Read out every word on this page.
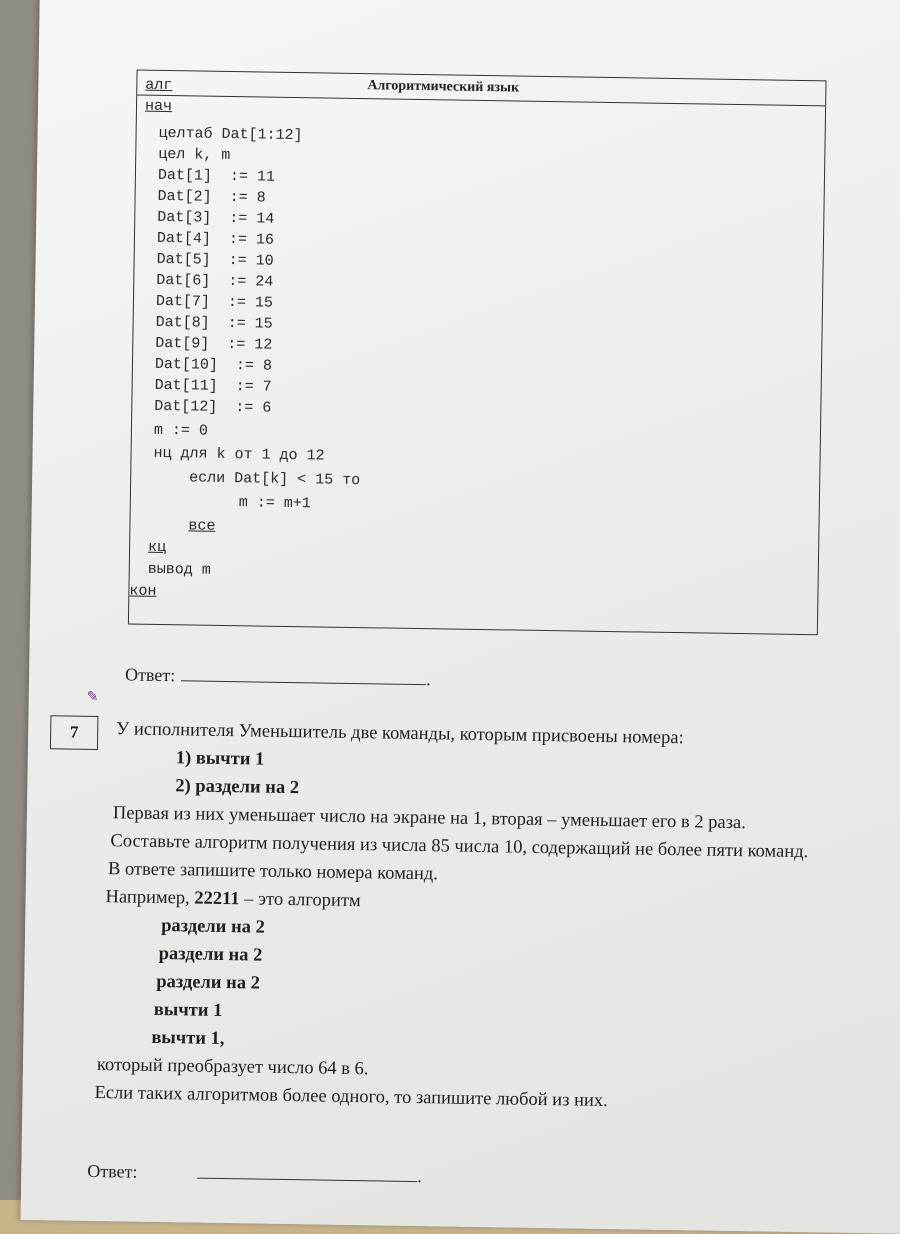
Алгоритмический язык
алг
нач
целтаб Dat[1:12]
цел k, m
Dat[1]  := 11
Dat[2]  := 8
Dat[3]  := 14
Dat[4]  := 16
Dat[5]  := 10
Dat[6]  := 24
Dat[7]  := 15
Dat[8]  := 15
Dat[9]  := 12
Dat[10]  := 8
Dat[11]  := 7
Dat[12]  := 6
m := 0
нц для k от 1 до 12
если Dat[k] < 15 то
m := m+1
все
кц
вывод m
кон
Ответ:	.
✎
7	У исполнителя Уменьшитель две команды, которым присвоены номера:
1) вычти 1
2) раздели на 2
Первая из них уменьшает число на экране на 1, вторая – уменьшает его в 2 раза.
Составьте алгоритм получения из числа 85 числа 10, содержащий не более пяти команд.
В ответе запишите только номера команд.
Например, 22211 – это алгоритм
раздели на 2
раздели на 2
раздели на 2
вычти 1
вычти 1,
который преобразует число 64 в 6.
Если таких алгоритмов более одного, то запишите любой из них.
Ответ:	.
